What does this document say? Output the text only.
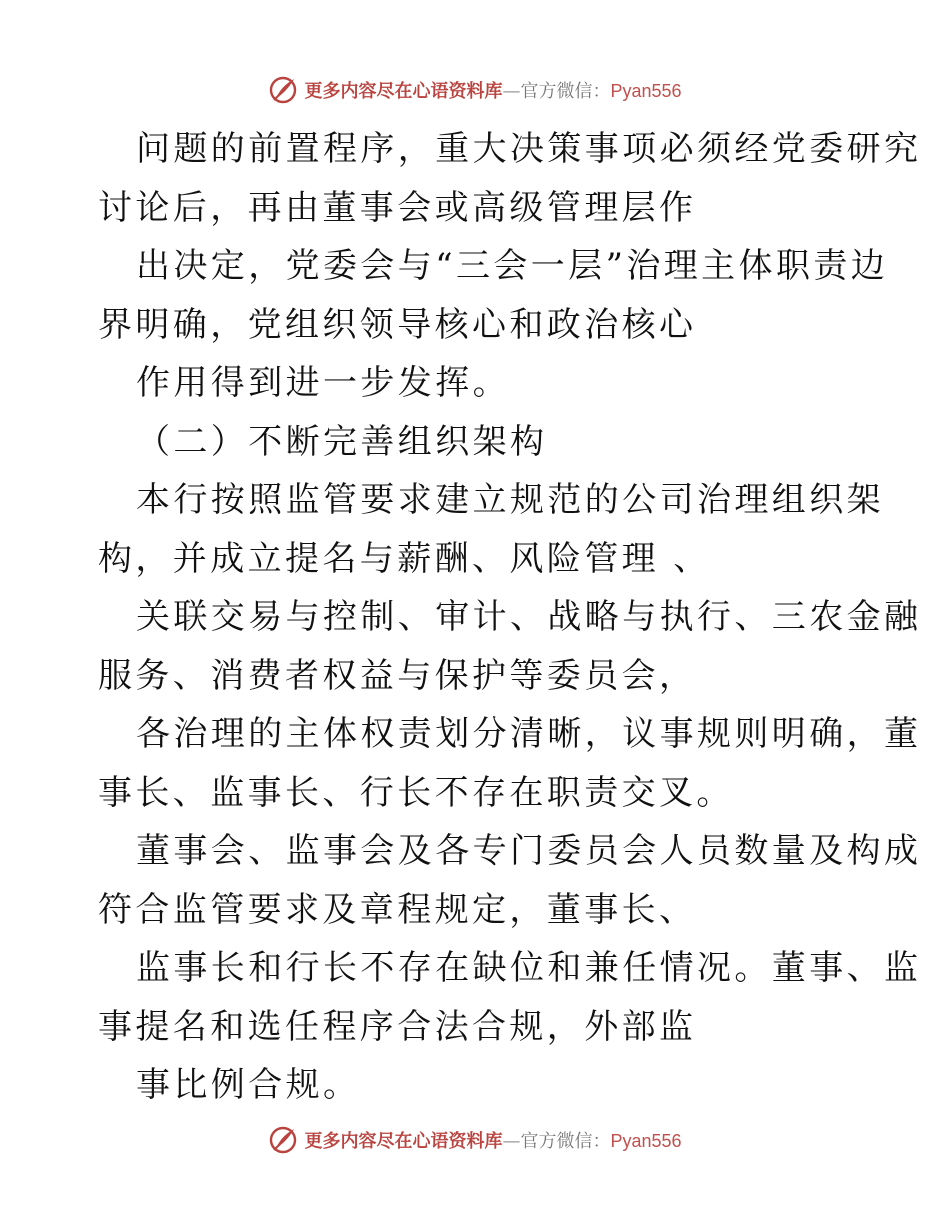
更多内容尽在心语资料库—官方微信：Pyan556
问题的前置程序，重大决策事项必须经党委研究
讨论后，再由董事会或高级管理层作
出决定，党委会与“三会一层”治理主体职责边
界明确，党组织领导核心和政治核心
作用得到进一步发挥。
（二）不断完善组织架构
本行按照监管要求建立规范的公司治理组织架
构，并成立提名与薪酬、风险管理 、
关联交易与控制、审计、战略与执行、三农金融
服务、消费者权益与保护等委员会，
各治理的主体权责划分清晰，议事规则明确，董
事长、监事长、行长不存在职责交叉。
董事会、监事会及各专门委员会人员数量及构成
符合监管要求及章程规定，董事长、
监事长和行长不存在缺位和兼任情况。董事、监
事提名和选任程序合法合规，外部监
事比例合规。
更多内容尽在心语资料库—官方微信：Pyan556
